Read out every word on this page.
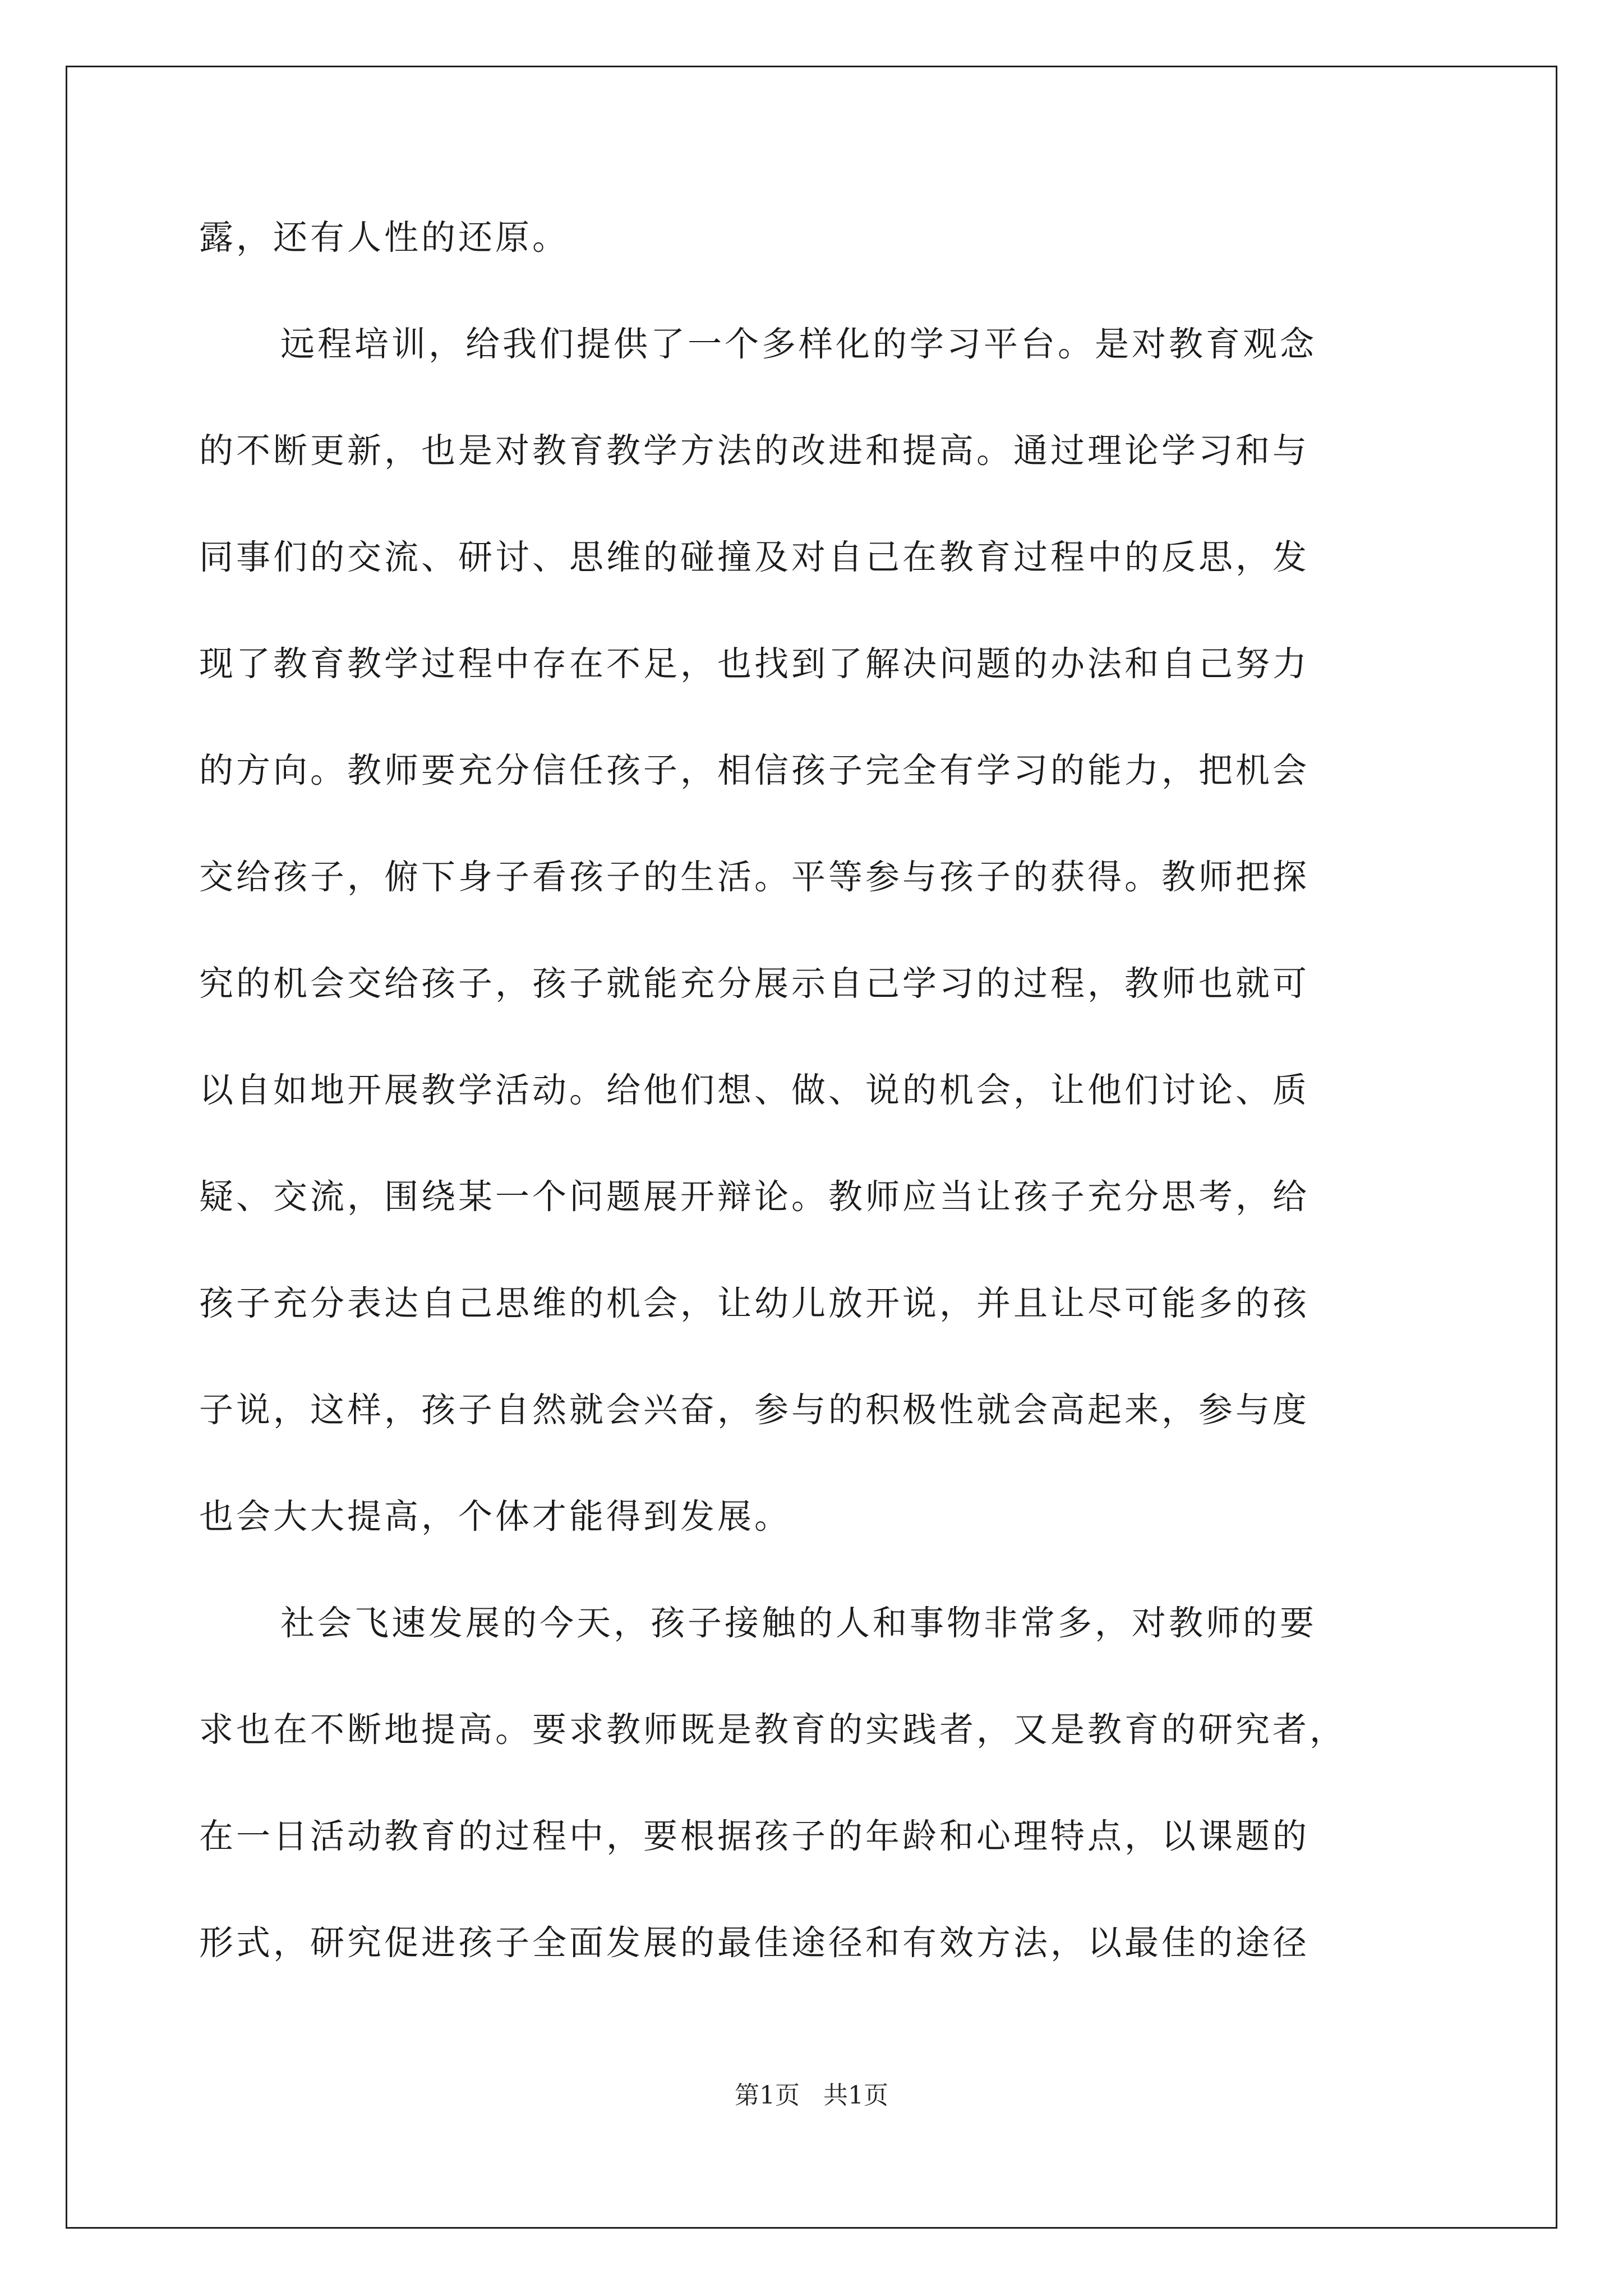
露，还有人性的还原。
远程培训，给我们提供了一个多样化的学习平台。是对教育观念
的不断更新，也是对教育教学方法的改进和提高。通过理论学习和与
同事们的交流、研讨、思维的碰撞及对自己在教育过程中的反思，发
现了教育教学过程中存在不足，也找到了解决问题的办法和自己努力
的方向。教师要充分信任孩子，相信孩子完全有学习的能力，把机会
交给孩子，俯下身子看孩子的生活。平等参与孩子的获得。教师把探
究的机会交给孩子，孩子就能充分展示自己学习的过程，教师也就可
以自如地开展教学活动。给他们想、做、说的机会，让他们讨论、质
疑、交流，围绕某一个问题展开辩论。教师应当让孩子充分思考，给
孩子充分表达自己思维的机会，让幼儿放开说，并且让尽可能多的孩
子说，这样，孩子自然就会兴奋，参与的积极性就会高起来，参与度
也会大大提高，个体才能得到发展。
社会飞速发展的今天，孩子接触的人和事物非常多，对教师的要
求也在不断地提高。要求教师既是教育的实践者，又是教育的研究者，
在一日活动教育的过程中，要根据孩子的年龄和心理特点，以课题的
形式，研究促进孩子全面发展的最佳途径和有效方法，以最佳的途径
第1页 共1页
